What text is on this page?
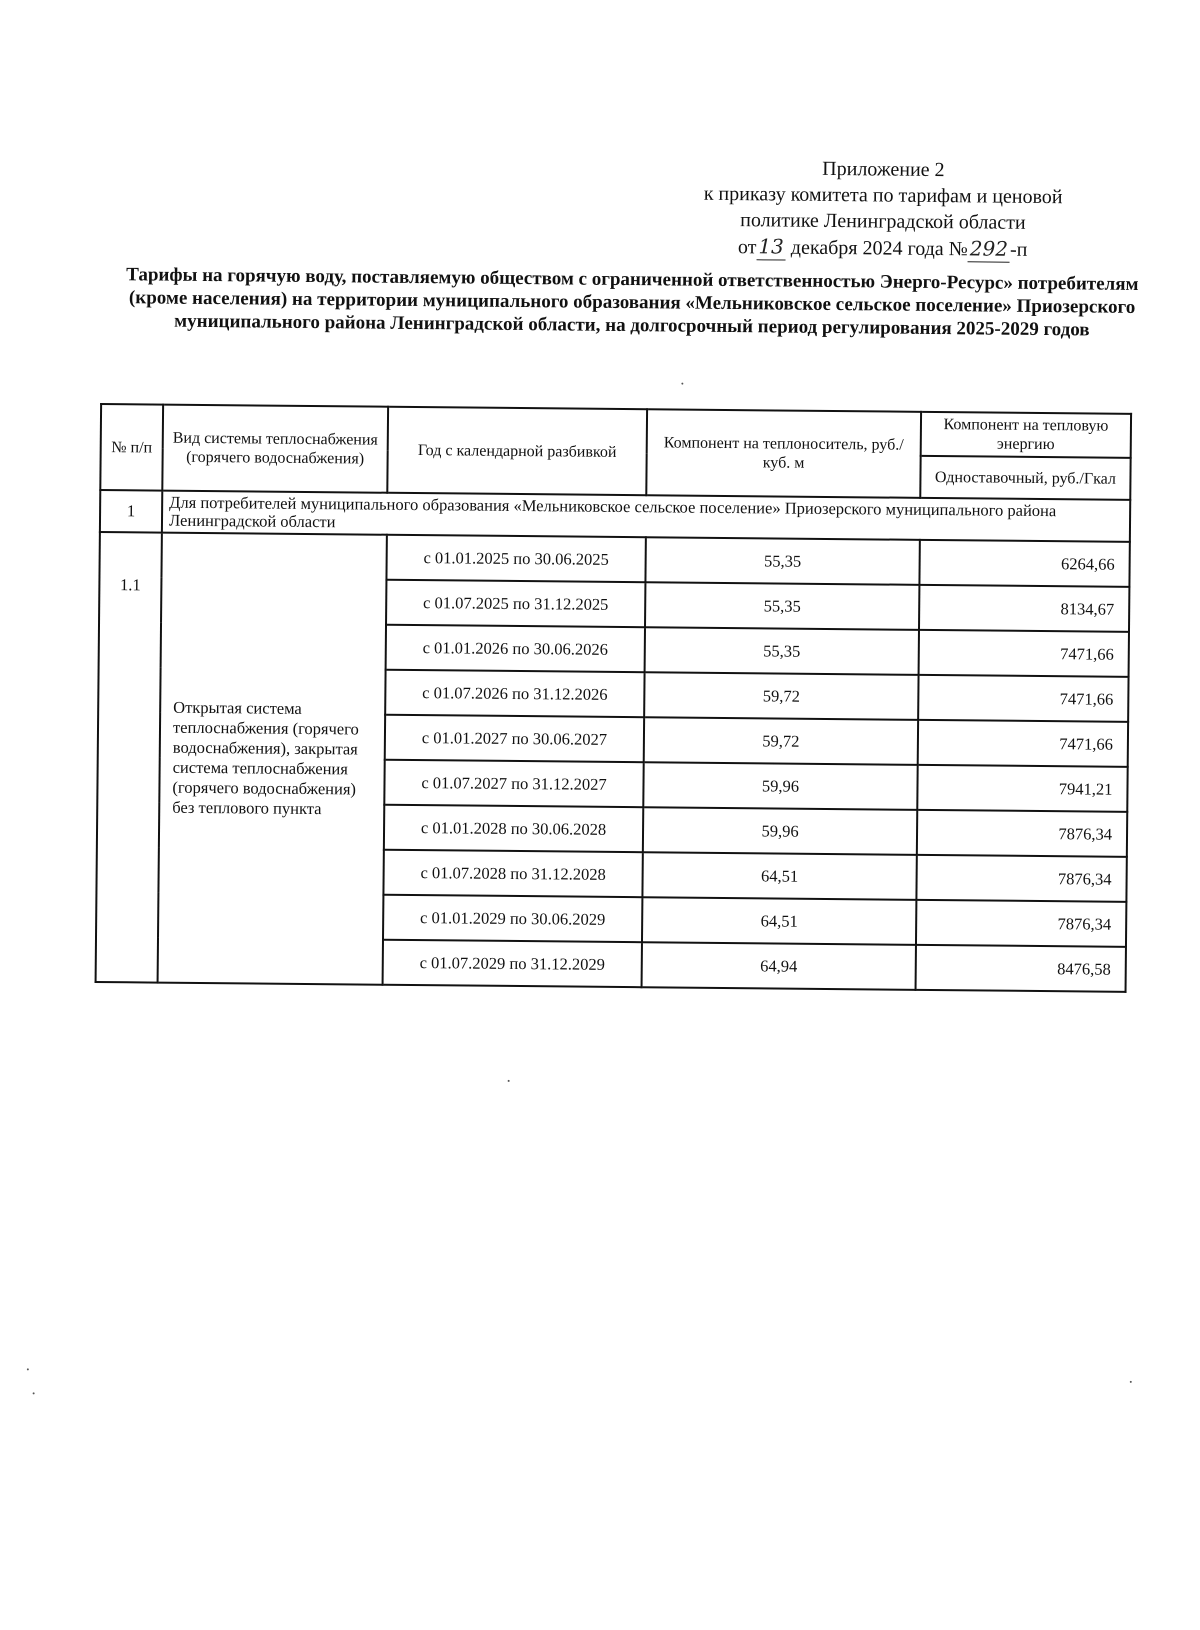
Приложение 2
к приказу комитета по тарифам и ценовой
политике Ленинградской области
от13 декабря 2024 года №292-п
Тарифы на горячую воду, поставляемую обществом с ограниченной ответственностью Энерго-Ресурс» потребителям (кроме населения) на территории муниципального образования «Мельниковское сельское поселение» Приозерского муниципального района Ленинградской области, на долгосрочный период регулирования 2025-2029 годов
№ п/п	Вид системы теплоснабжения (горячего водоснабжения)	Год с календарной разбивкой	Компонент на теплоноситель, руб./куб. м	Компонент на тепловую энергию
				Одноставочный, руб./Гкал
1	Для потребителей муниципального образования «Мельниковское сельское поселение» Приозерского муниципального района Ленинградской области			
1.1	Открытая система теплоснабжения (горячего водоснабжения), закрытая система теплоснабжения (горячего водоснабжения) без теплового пункта	с 01.01.2025 по 30.06.2025	55,35	6264,66
		с 01.07.2025 по 31.12.2025	55,35	8134,67
		с 01.01.2026 по 30.06.2026	55,35	7471,66
		с 01.07.2026 по 31.12.2026	59,72	7471,66
		с 01.01.2027 по 30.06.2027	59,72	7471,66
		с 01.07.2027 по 31.12.2027	59,96	7941,21
		с 01.01.2028 по 30.06.2028	59,96	7876,34
		с 01.07.2028 по 31.12.2028	64,51	7876,34
		с 01.01.2029 по 30.06.2029	64,51	7876,34
		с 01.07.2029 по 31.12.2029	64,94	8476,58
